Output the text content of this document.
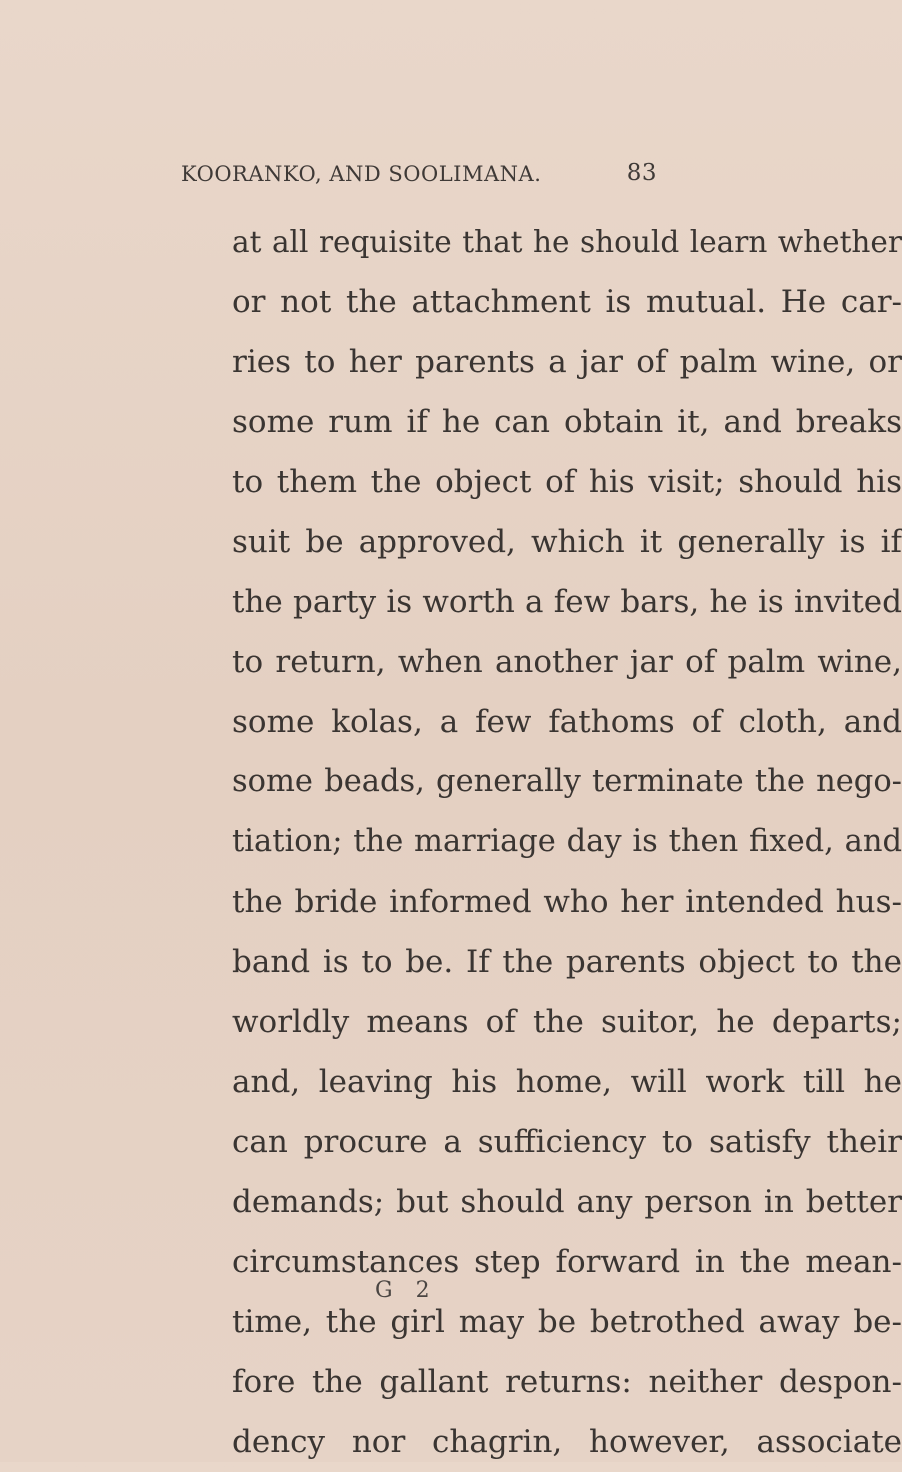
KOORANKO, AND SOOLIMANA.	83
at all requisite that he should learn whether
or not the attachment is mutual. He car-
ries to her parents a jar of palm wine, or
some rum if he can obtain it, and breaks
to them the object of his visit; should his
suit be approved, which it generally is if
the party is worth a few bars, he is invited
to return, when another jar of palm wine,
some kolas, a few fathoms of cloth, and
some beads, generally terminate the nego-
tiation; the marriage day is then fixed, and
the bride informed who her intended hus-
band is to be. If the parents object to the
worldly means of the suitor, he departs;
and, leaving his home, will work till he
can procure a sufficiency to satisfy their
demands; but should any person in better
circumstances step forward in the mean-
time, the girl may be betrothed away be-
fore the gallant returns: neither despon-
dency nor chagrin, however, associate
G 2
